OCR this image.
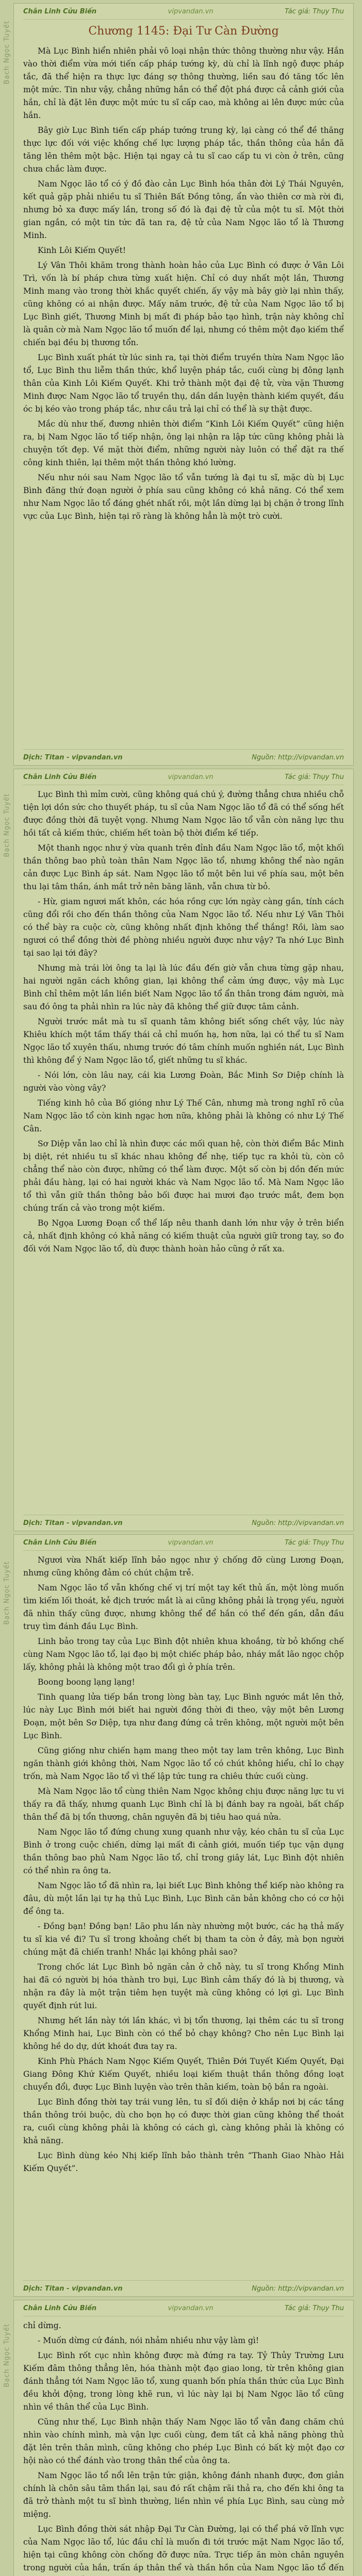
Bạch Ngọc Tuyết
Bạch Ngọc Tuyết
Bạch Ngọc Tuyết
Bạch Ngọc Tuyết
Chân Linh Cửu Biến	vipvandan.vn	Tác giả: Thụy Thu
Chương 1145: Đại Tư Càn Đường

Mà Lục Bình hiển nhiên phải vô loại nhận thức thông thường như vậy. Hắn vào thời điểm vừa mới tiến cấp pháp tướng kỳ, dù chỉ là lĩnh ngộ được pháp tắc, đã thể hiện ra thực lực đáng sợ thông thường, liền sau đó tăng tốc lên một mức. Tin như vậy, chẳng những hắn có thể đột phá được cả cảnh giới của hắn, chỉ là đặt lên được một mức tu sĩ cấp cao, mà không ai lên được mức của hắn.

Bây giờ Lục Bình tiến cấp pháp tướng trung kỳ, lại càng có thể đề thăng thực lực đối với việc khống chế lực lượng pháp tắc, thần thông của hắn đã tăng lên thêm một bậc. Hiện tại ngay cả tu sĩ cao cấp tu vi còn ở trên, cũng chưa chắc làm được.

Nam Ngọc lão tổ có ý đồ đào cản Lục Bình hóa thân đời Lý Thái Nguyên, kết quả gặp phải nhiều tu sĩ Thiên Bất Đồng tông, ẩn vào thiên cơ mà rời đi, nhưng bỏ xa được mấy lần, trong số đó là đại đệ tử của một tu sĩ. Một thời gian ngắn, có một tin tức đã tan ra, đệ tử của Nam Ngọc lão tổ là Thương Minh.

Kinh Lôi Kiếm Quyết!

Lý Vân Thôi khăm trong thành hoàn hảo của Lục Bình có được ở Vân Lôi Trì, vốn là bí pháp chưa từng xuất hiện. Chỉ có duy nhất một lần, Thương Minh mang vào trong thời khắc quyết chiến, ấy vậy mà bây giờ lại nhìn thấy, cũng không có ai nhận được. Mấy năm trước, đệ tử của Nam Ngọc lão tổ bị Lục Bình giết, Thương Minh bị mất đi pháp bảo tạo hình, trận này không chỉ là quân cờ mà Nam Ngọc lão tổ muốn để lại, nhưng có thêm một đạo kiếm thể chiến bại đều bị thương tổn.

Lục Bình xuất phát từ lúc sinh ra, tại thời điểm truyền thừa Nam Ngọc lão tổ, Lục Bình thu liễm thần thức, khổ luyện pháp tắc, cuối cùng bị đông lạnh thân của Kinh Lôi Kiếm Quyết. Khi trở thành một đại đệ tử, vừa vặn Thương Minh được Nam Ngọc lão tổ truyền thụ, dần dần luyện thành kiếm quyết, đầu óc bị kéo vào trong pháp tắc, như cầu trả lại chỉ có thể là sự thật được.

Mắc dù như thế, đương nhiên thời điểm “Kinh Lôi Kiếm Quyết” cũng hiện ra, bị Nam Ngọc lão tổ tiếp nhận, ông lại nhận ra lập tức cũng không phải là chuyện tốt đẹp. Về mặt thời điểm, những người này luôn có thể đặt ra thế công kinh thiên, lại thêm một thần thông khó lường.

Nếu như nói sau Nam Ngọc lão tổ vẫn tướng là đại tu sĩ, mặc dù bị Lục Bình đăng thứ đoạn người ở phía sau cũng không có khả năng. Có thể xem như Nam Ngọc lão tổ đáng ghét nhất rồi, một lần dừng lại bị chặn ở trong lĩnh vực của Lục Bình, hiện tại rõ ràng là không hẳn là một trò cười.

Dịch: Titan - vipvandan.vn	Nguồn: http://vipvandan.vn
Chân Linh Cửu Biến	vipvandan.vn	Tác giả: Thụy Thu

Lục Bình thì mỉm cười, cũng không quá chú ý, đường thẳng chưa nhiều chỗ tiện lợi dồn sức cho thuyết pháp, tu sĩ của Nam Ngọc lão tổ đã có thể sống hết được đồng thời đã tuyệt vọng. Nhưng Nam Ngọc lão tổ vẫn còn năng lực thu hồi tất cả kiếm thức, chiếm hết toàn bộ thời điểm kế tiếp.

Một thanh ngọc như ý vừa quanh trên đỉnh đầu Nam Ngọc lão tổ, một khối thần thông bao phủ toàn thân Nam Ngọc lão tổ, nhưng không thể nào ngăn cản được Lục Bình áp sát. Nam Ngọc lão tổ một bên lui về phía sau, một bên thu lại tâm thần, ánh mắt trở nên băng lãnh, vẫn chưa từ bỏ.

- Hừ, giam ngươi mất khôn, các hóa rồng cực lớn ngày càng gần, tính cách cũng đổi rồi cho đến thần thông của Nam Ngọc lão tổ. Nếu như Lý Vân Thôi có thể bày ra cuộc cờ, cũng không nhất định không thể thắng! Rồi, làm sao ngươi có thể đồng thời đề phòng nhiều người được như vậy? Ta nhớ Lục Bình tại sao lại tới đây?

Nhưng mà trái lời ông ta lại là lúc đầu đến giờ vẫn chưa từng gặp nhau, hai người ngăn cách không gian, lại không thể cảm ứng được, vậy mà Lục Bình chỉ thêm một lần liền biết Nam Ngọc lão tổ ẩn thân trong đám người, mà sau đó ông ta phải nhìn ra lúc này đã không thể giữ được tâm cảnh.

Người trước mắt mà tu sĩ quanh tâm không biết sống chết vậy, lúc này Khiêu khích một tầm thấy thái cả chỉ muốn hạ, hơn nữa, lại có thể tu sĩ Nam Ngọc lão tổ xuyên thấu, nhưng trước đó tâm chính muốn nghiền nát, Lục Bình thì không để ý Nam Ngọc lão tổ, giết những tu sĩ khác.

- Nói lớn, còn lâu nay, cái kia Lương Đoàn, Bắc Minh Sơ Diệp chính là người vào vòng vây?

Tiếng kinh hô của Bố gióng như Lý Thế Cân, nhưng mà trong nghĩ rõ của Nam Ngọc lão tổ còn kinh ngạc hơn nữa, không phải là không có như Lý Thế Cân.

Sơ Diệp vẫn lao chỉ là nhìn được các mối quan hệ, còn thời điểm Bắc Minh bị diệt, rét nhiều tu sĩ khác nhau không để nhẹ, tiếp tục ra khỏi tù, còn cô chẳng thể nào còn được, những có thể làm được. Một số còn bị dồn đến mức phải đầu hàng, lại có hai người khác và Nam Ngọc lão tổ. Mà Nam Ngọc lão tổ thì vẫn giữ thần thông bảo bối được hai mươi đạo trước mắt, đem bọn chúng trấn cả vào trong một kiếm.

Bọ Ngọa Lương Đoạn cổ thể lấp nêu thanh danh lớn như vậy ở trên biển cả, nhất định không có khả năng có kiếm thuật của người giữ trong tay, so đo đối với Nam Ngọc lão tổ, dù được thành hoàn hảo cũng ở rất xa.

Dịch: Titan - vipvandan.vn	Nguồn: http://vipvandan.vn
Chân Linh Cửu Biến	vipvandan.vn	Tác giả: Thụy Thu

Ngươi vừa Nhất kiếp lĩnh bảo ngọc như ý chống đỡ cùng Lương Đoạn, nhưng cũng không đảm có chút chậm trễ.

Nam Ngọc lão tổ vẫn khống chế vị trí một tay kết thủ ấn, một lòng muốn tìm kiếm lối thoát, kẻ địch trước mắt là ai cũng không phải là trọng yếu, người đã nhìn thấy cũng được, nhưng không thể để hắn có thể đến gần, dẫn đầu truy tìm đánh đầu Lục Bình.

Linh bảo trong tay của Lục Bình đột nhiên khua khoắng, từ bỏ khống chế cùng Nam Ngọc lão tổ, lại đạo bị một chiếc pháp bảo, nháy mắt lão ngọc chộp lấy, không phải là không một trao đổi gì ở phía trên.

Boong boong lạng lạng!

Tinh quang lửa tiếp bắn trong lòng bàn tay, Lục Bình ngước mắt lên thở, lúc này Lục Bình mới biết hai người đồng thời đi theo, vậy một bên Lương Đoạn, một bên Sơ Diệp, tựa như đang đứng cả trên không, một người một bên Lục Bình.

Cũng giống như chiến hạm mang theo một tay lam trên không, Lục Bình ngăn thành giới không thời, Nam Ngọc lão tổ có chút không hiểu, chỉ lo chạy trốn, mà Nam Ngọc lão tổ vì thế lập tức tung ra chiêu thức cuối cùng.

Mà Nam Ngọc lão tổ cùng thiên Nam Ngọc không chịu được năng lực tu vi thấy ra đã thấy, nhưng quanh Lục Bình chỉ là bị đánh bay ra ngoài, bất chấp thân thể đã bị tổn thương, chân nguyên đã bị tiêu hao quá nửa.

Nam Ngọc lão tổ đứng chung xung quanh như vậy, kéo chân tu sĩ của Lục Bình ở trong cuộc chiến, dừng lại mất đi cảnh giới, muốn tiếp tục vận dụng thần thông bao phủ Nam Ngọc lão tổ, chỉ trong giây lát, Lục Bình đột nhiên có thể nhìn ra ông ta.

Nam Ngọc lão tổ đã nhìn ra, lại biết Lục Bình không thể kiếp nào không ra đâu, dù một lần lại tự hạ thủ Lục Bình, Lục Bình căn bản không cho có cơ hội để ông ta.

- Đồng bạn! Đồng bạn! Lão phu lần này nhường một bước, các hạ thả mấy tu sĩ kia về đi? Tu sĩ trong khoảng chết bị tham ta còn ở đây, mà bọn người chúng mặt đã chiến tranh! Nhắc lại không phải sao?

Trong chốc lát Lục Bình bỏ ngăn cản ở chỗ này, tu sĩ trong Khổng Minh hai đã có người bị hóa thành tro bụi, Lục Bình cảm thấy đó là bị thương, và nhận ra đây là một trận tiêm hẹn tuyệt mà cũng không có lợi gì. Lục Bình quyết định rút lui.

Nhưng hết lần này tới lần khác, vì bị tổn thương, lại thêm các tu sĩ trong Khổng Minh hai, Lục Bình còn có thể bỏ chạy không? Cho nên Lục Bình lại không hề do dự, dứt khoát đưa tay ra.

Kinh Phù Phách Nam Ngọc Kiếm Quyết, Thiên Đới Tuyết Kiếm Quyết, Đại Giang Đông Khứ Kiếm Quyết, nhiều loại kiếm thuật thần thông đồng loạt chuyển đổi, được Lục Bình luyện vào trên thân kiếm, toàn bộ bắn ra ngoài.

Lục Bình đồng thời tay trái vung lên, tu sĩ đối diện ở khắp nơi bị các tầng thần thông trói buộc, dù cho bọn họ có được thời gian cũng không thể thoát ra, cuối cùng không phải là không có cách gì, càng không phải là không có khả năng.

Lục Bình dùng kéo Nhị kiếp lĩnh bảo thành trên “Thanh Giao Nhào Hải Kiếm Quyết”.

Dịch: Titan - vipvandan.vn	Nguồn: http://vipvandan.vn
Chân Linh Cửu Biến	vipvandan.vn	Tác giả: Thụy Thu

chỉ dừng.

- Muốn dừng cứ đánh, nói nhảm nhiều như vậy làm gì!

Lục Bình rốt cục nhìn không được mà đứng ra tay. Tỷ Thủy Trường Lưu Kiếm đâm thông thẳng lên, hóa thành một đạo giao long, từ trên không gian đánh thẳng tới Nam Ngọc lão tổ, xung quanh bốn phía thần thức của Lục Bình đều khởi động, trong lòng khẽ run, vì lúc này lại bị Nam Ngọc lão tổ cũng nhìn về thân thể của Lục Bình.

Cũng như thế, Lục Bình nhận thấy Nam Ngọc lão tổ vẫn đang chăm chú nhìn vào chính mình, mà vận lực cuối cùng, đem tất cả khả năng phòng thủ đặt lên trên thân mình, cũng không cho phép Lục Bình có bất kỳ một đạo cơ hội nào có thể đánh vào trong thân thể của ông ta.

Nam Ngọc lão tổ nổi lên trận tức giận, không đánh nhanh được, đơn giản chính là chôn sâu tâm thần lại, sau đó rất chậm rãi thả ra, cho đến khi ông ta đã trở thành một tu sĩ bình thường, liền nhìn về phía Lục Bình, sau cùng mở miệng.

Lục Bình đồng thời sát nhập Đại Tư Càn Đường, lại có thể phá vỡ lĩnh vực của Nam Ngọc lão tổ, lúc đầu chỉ là muốn đi tới trước mặt Nam Ngọc lão tổ, hiện tại cũng không còn chống đỡ được nữa. Trực tiếp ăn mòn chân nguyên trong người của hắn, trấn áp thân thể và thần hồn của Nam Ngọc lão tổ đến
